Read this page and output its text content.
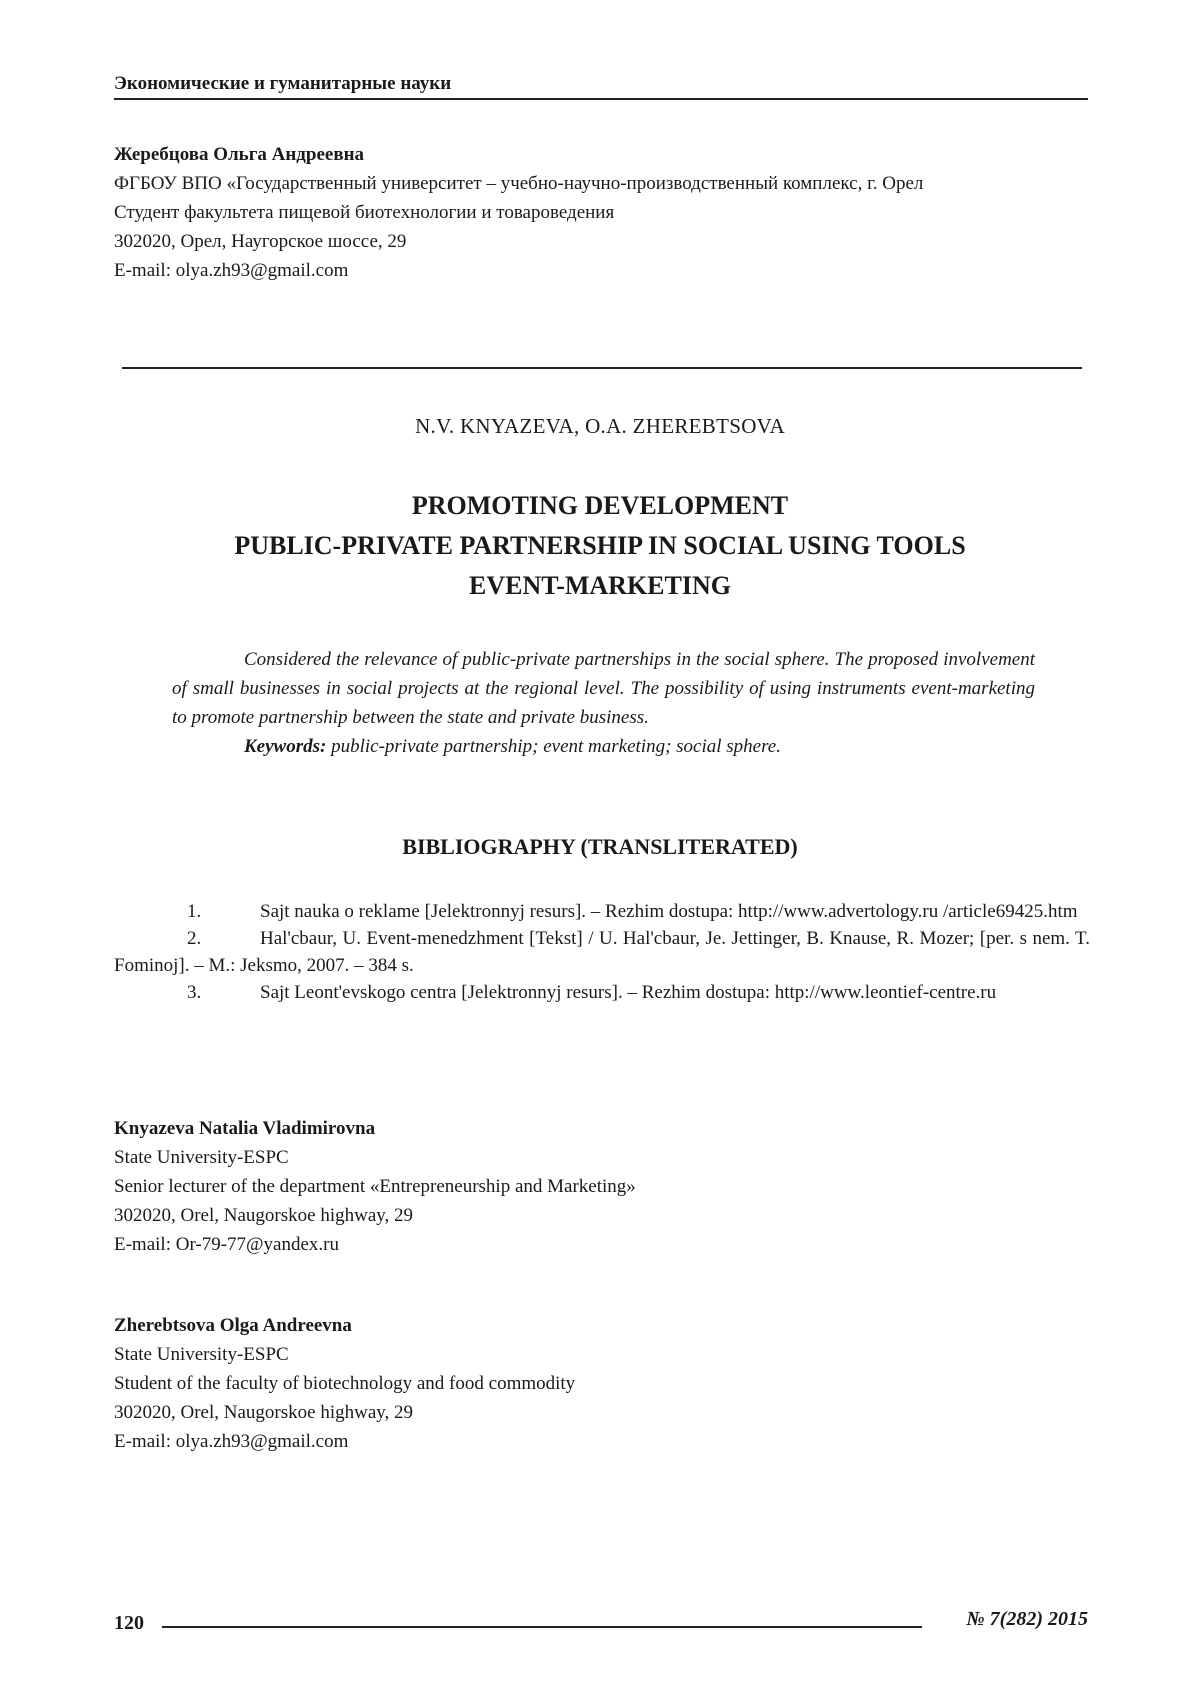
Экономические и гуманитарные науки
Жеребцова Ольга Андреевна
ФГБОУ ВПО «Государственный университет – учебно-научно-производственный комплекс, г. Орел
Студент факультета пищевой биотехнологии и товароведения
302020, Орел, Наугорское шоссе, 29
E-mail: olya.zh93@gmail.com
N.V. KNYAZEVA, O.A. ZHEREBTSOVA
PROMOTING DEVELOPMENT
PUBLIC-PRIVATE PARTNERSHIP IN SOCIAL USING TOOLS
EVENT-MARKETING

Considered the relevance of public-private partnerships in the social sphere. The proposed involvement of small businesses in social projects at the regional level. The possibility of using instruments event-marketing to promote partnership between the state and private business.

Keywords: public-private partnership; event marketing; social sphere.

BIBLIOGRAPHY (TRANSLITERATED)
1.	Sajt nauka o reklame [Jelektronnyj resurs]. – Rezhim dostupa: http://www.advertology.ru /article69425.htm
2.	Hal'cbaur, U. Event-menedzhment [Tekst] / U. Hal'cbaur, Je. Jettinger, B. Knause, R. Mozer; [per. s nem. T. Fominoj]. – M.: Jeksmo, 2007. – 384 s.
3.	Sajt Leont'evskogo centra [Jelektronnyj resurs]. – Rezhim dostupa: http://www.leontief-centre.ru
Knyazeva Natalia Vladimirovna
State University-ESPC
Senior lecturer of the department «Entrepreneurship and Marketing»
302020, Orel, Naugorskoe highway, 29
E-mail: Or-79-77@yandex.ru
Zherebtsova Olga Andreevna
State University-ESPC
Student of the faculty of biotechnology and food commodity
302020, Orel, Naugorskoe highway, 29
E-mail: olya.zh93@gmail.com
120	№ 7(282) 2015
